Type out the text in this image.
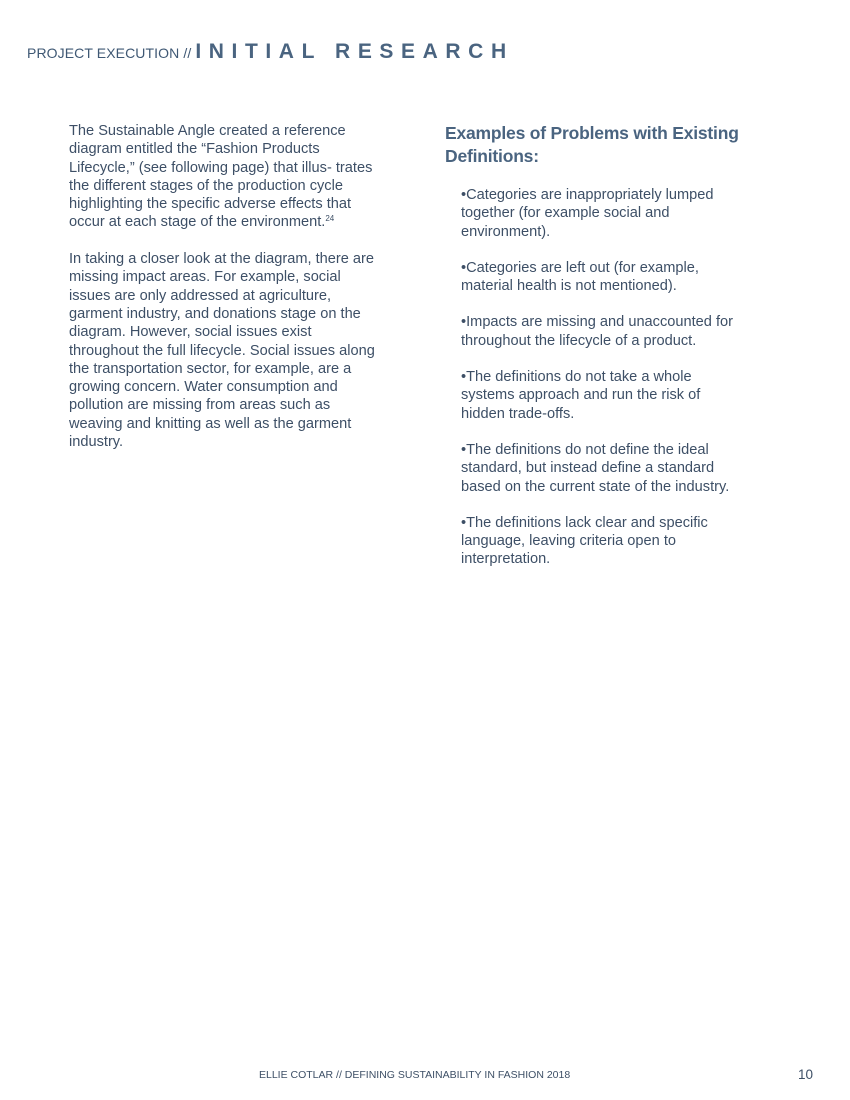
PROJECT EXECUTION // INITIAL RESEARCH

The Sustainable Angle created a reference diagram entitled the “Fashion Products Lifecycle,” (see following page) that illus- trates the different stages of the production cycle highlighting the specific adverse effects that occur at each stage of the environment.$^{24}$

In taking a closer look at the diagram, there are missing impact areas. For example, social issues are only addressed at agriculture, garment industry, and donations stage on the diagram. However, social issues exist throughout the full lifecycle. Social issues along the transportation sector, for example, are a growing concern. Water consumption and pollution are missing from areas such as weaving and knitting as well as the garment industry.

Examples of Problems with Existing Definitions:
•Categories are inappropriately lumped together (for example social and environment).
•Categories are left out (for example, material health is not mentioned).
•Impacts are missing and unaccounted for throughout the lifecycle of a product.
•The definitions do not take a whole systems approach and run the risk of hidden trade-offs.
•The definitions do not define the ideal standard, but instead define a standard based on the current state of the industry.
•The definitions lack clear and specific language, leaving criteria open to interpretation.
ELLIE COTLAR // DEFINING SUSTAINABILITY IN FASHION 2018	10
